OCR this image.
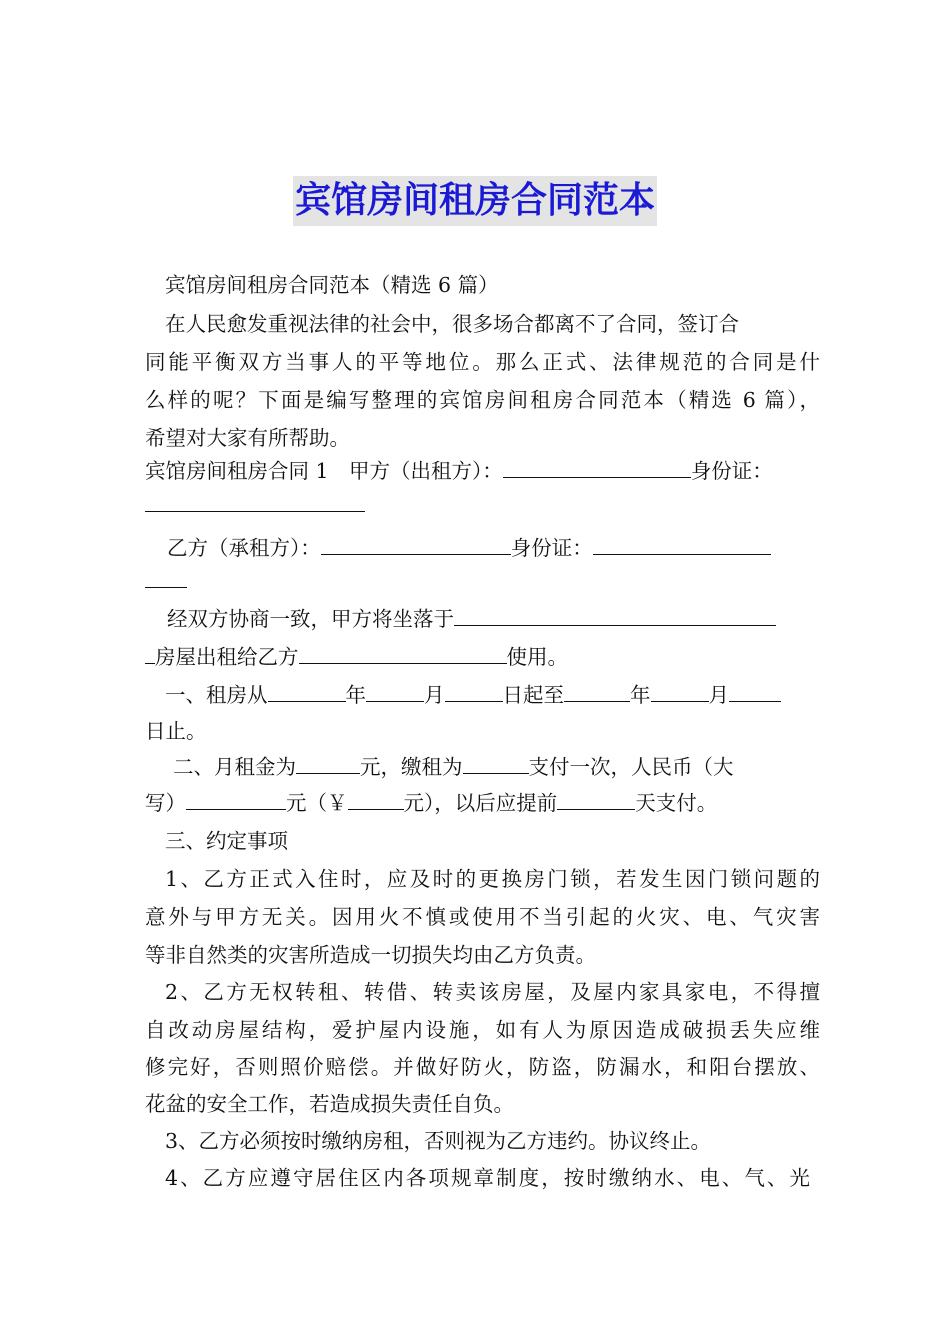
宾馆房间租房合同范本
宾馆房间租房合同范本（精选 6 篇）
在人民愈发重视法律的社会中，很多场合都离不了合同，签订合
同能平衡双方当事人的平等地位。那么正式、法律规范的合同是什
么样的呢？下面是编写整理的宾馆房间租房合同范本（精选 6 篇），
希望对大家有所帮助。
宾馆房间租房合同 1　甲方（出租方）：	身份证：
乙方（承租方）：	身份证：
经双方协商一致，甲方将坐落于
房屋出租给乙方	使用。
一、租房从	年	月	日起至	年	月
日止。
二、月租金为	元，缴租为	支付一次，人民币（大
写）	元（￥	元），以后应提前	天支付。
三、约定事项
1、乙方正式入住时，应及时的更换房门锁，若发生因门锁问题的
意外与甲方无关。因用火不慎或使用不当引起的火灾、电、气灾害
等非自然类的灾害所造成一切损失均由乙方负责。
2、乙方无权转租、转借、转卖该房屋，及屋内家具家电，不得擅
自改动房屋结构，爱护屋内设施，如有人为原因造成破损丢失应维
修完好，否则照价赔偿。并做好防火，防盗，防漏水，和阳台摆放、
花盆的安全工作，若造成损失责任自负。
3、乙方必须按时缴纳房租，否则视为乙方违约。协议终止。
4、乙方应遵守居住区内各项规章制度，按时缴纳水、电、气、光
